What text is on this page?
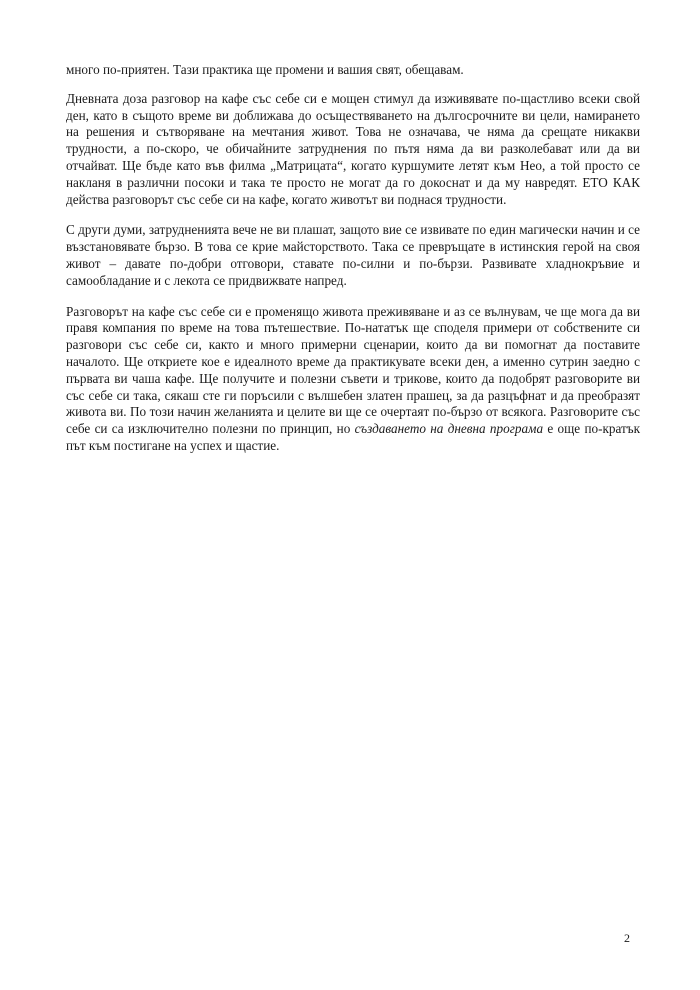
много по-приятен. Тази практика ще промени и вашия свят, обещавам.

Дневната доза разговор на кафе със себе си е мощен стимул да изживявате по-щастливо всеки свой ден, като в същото време ви доближава до осъществяването на дългосрочните ви цели, намирането на решения и сътворяване на мечтания живот. Това не означава, че няма да срещате никакви трудности, а по-скоро, че обичайните затруднения по пътя няма да ви разколебават или да ви отчайват. Ще бъде като във филма „Матрицата“, когато куршумите летят към Нео, а той просто се накланя в различни посоки и така те просто не могат да го докоснат и да му навредят. ЕТО КАК действа разговорът със себе си на кафе, когато животът ви поднася трудности.

С други думи, затрудненията вече не ви плашат, защото вие се извивате по един магически начин и се възстановявате бързо. В това се крие майсторството. Така се превръщате в истинския герой на своя живот – давате по-добри отговори, ставате по-силни и по-бързи. Развивате хладнокръвие и самообладание и с лекота се придвижвате напред.

Разговорът на кафе със себе си е променящо живота преживяване и аз се вълнувам, че ще мога да ви правя компания по време на това пътешествие. По-нататък ще споделя примери от собствените си разговори със себе си, както и много примерни сценарии, които да ви помогнат да поставите началото. Ще откриете кое е идеалното време да практикувате всеки ден, а именно сутрин заедно с първата ви чаша кафе. Ще получите и полезни съвети и трикове, които да подобрят разговорите ви със себе си така, сякаш сте ги поръсили с вълшебен златен прашец, за да разцъфнат и да преобразят живота ви. По този начин желанията и целите ви ще се очертаят по-бързо от всякога. Разговорите със себе си са изключително полезни по принцип, но създаването на дневна програма е още по-кратък път към постигане на успех и щастие.

2
